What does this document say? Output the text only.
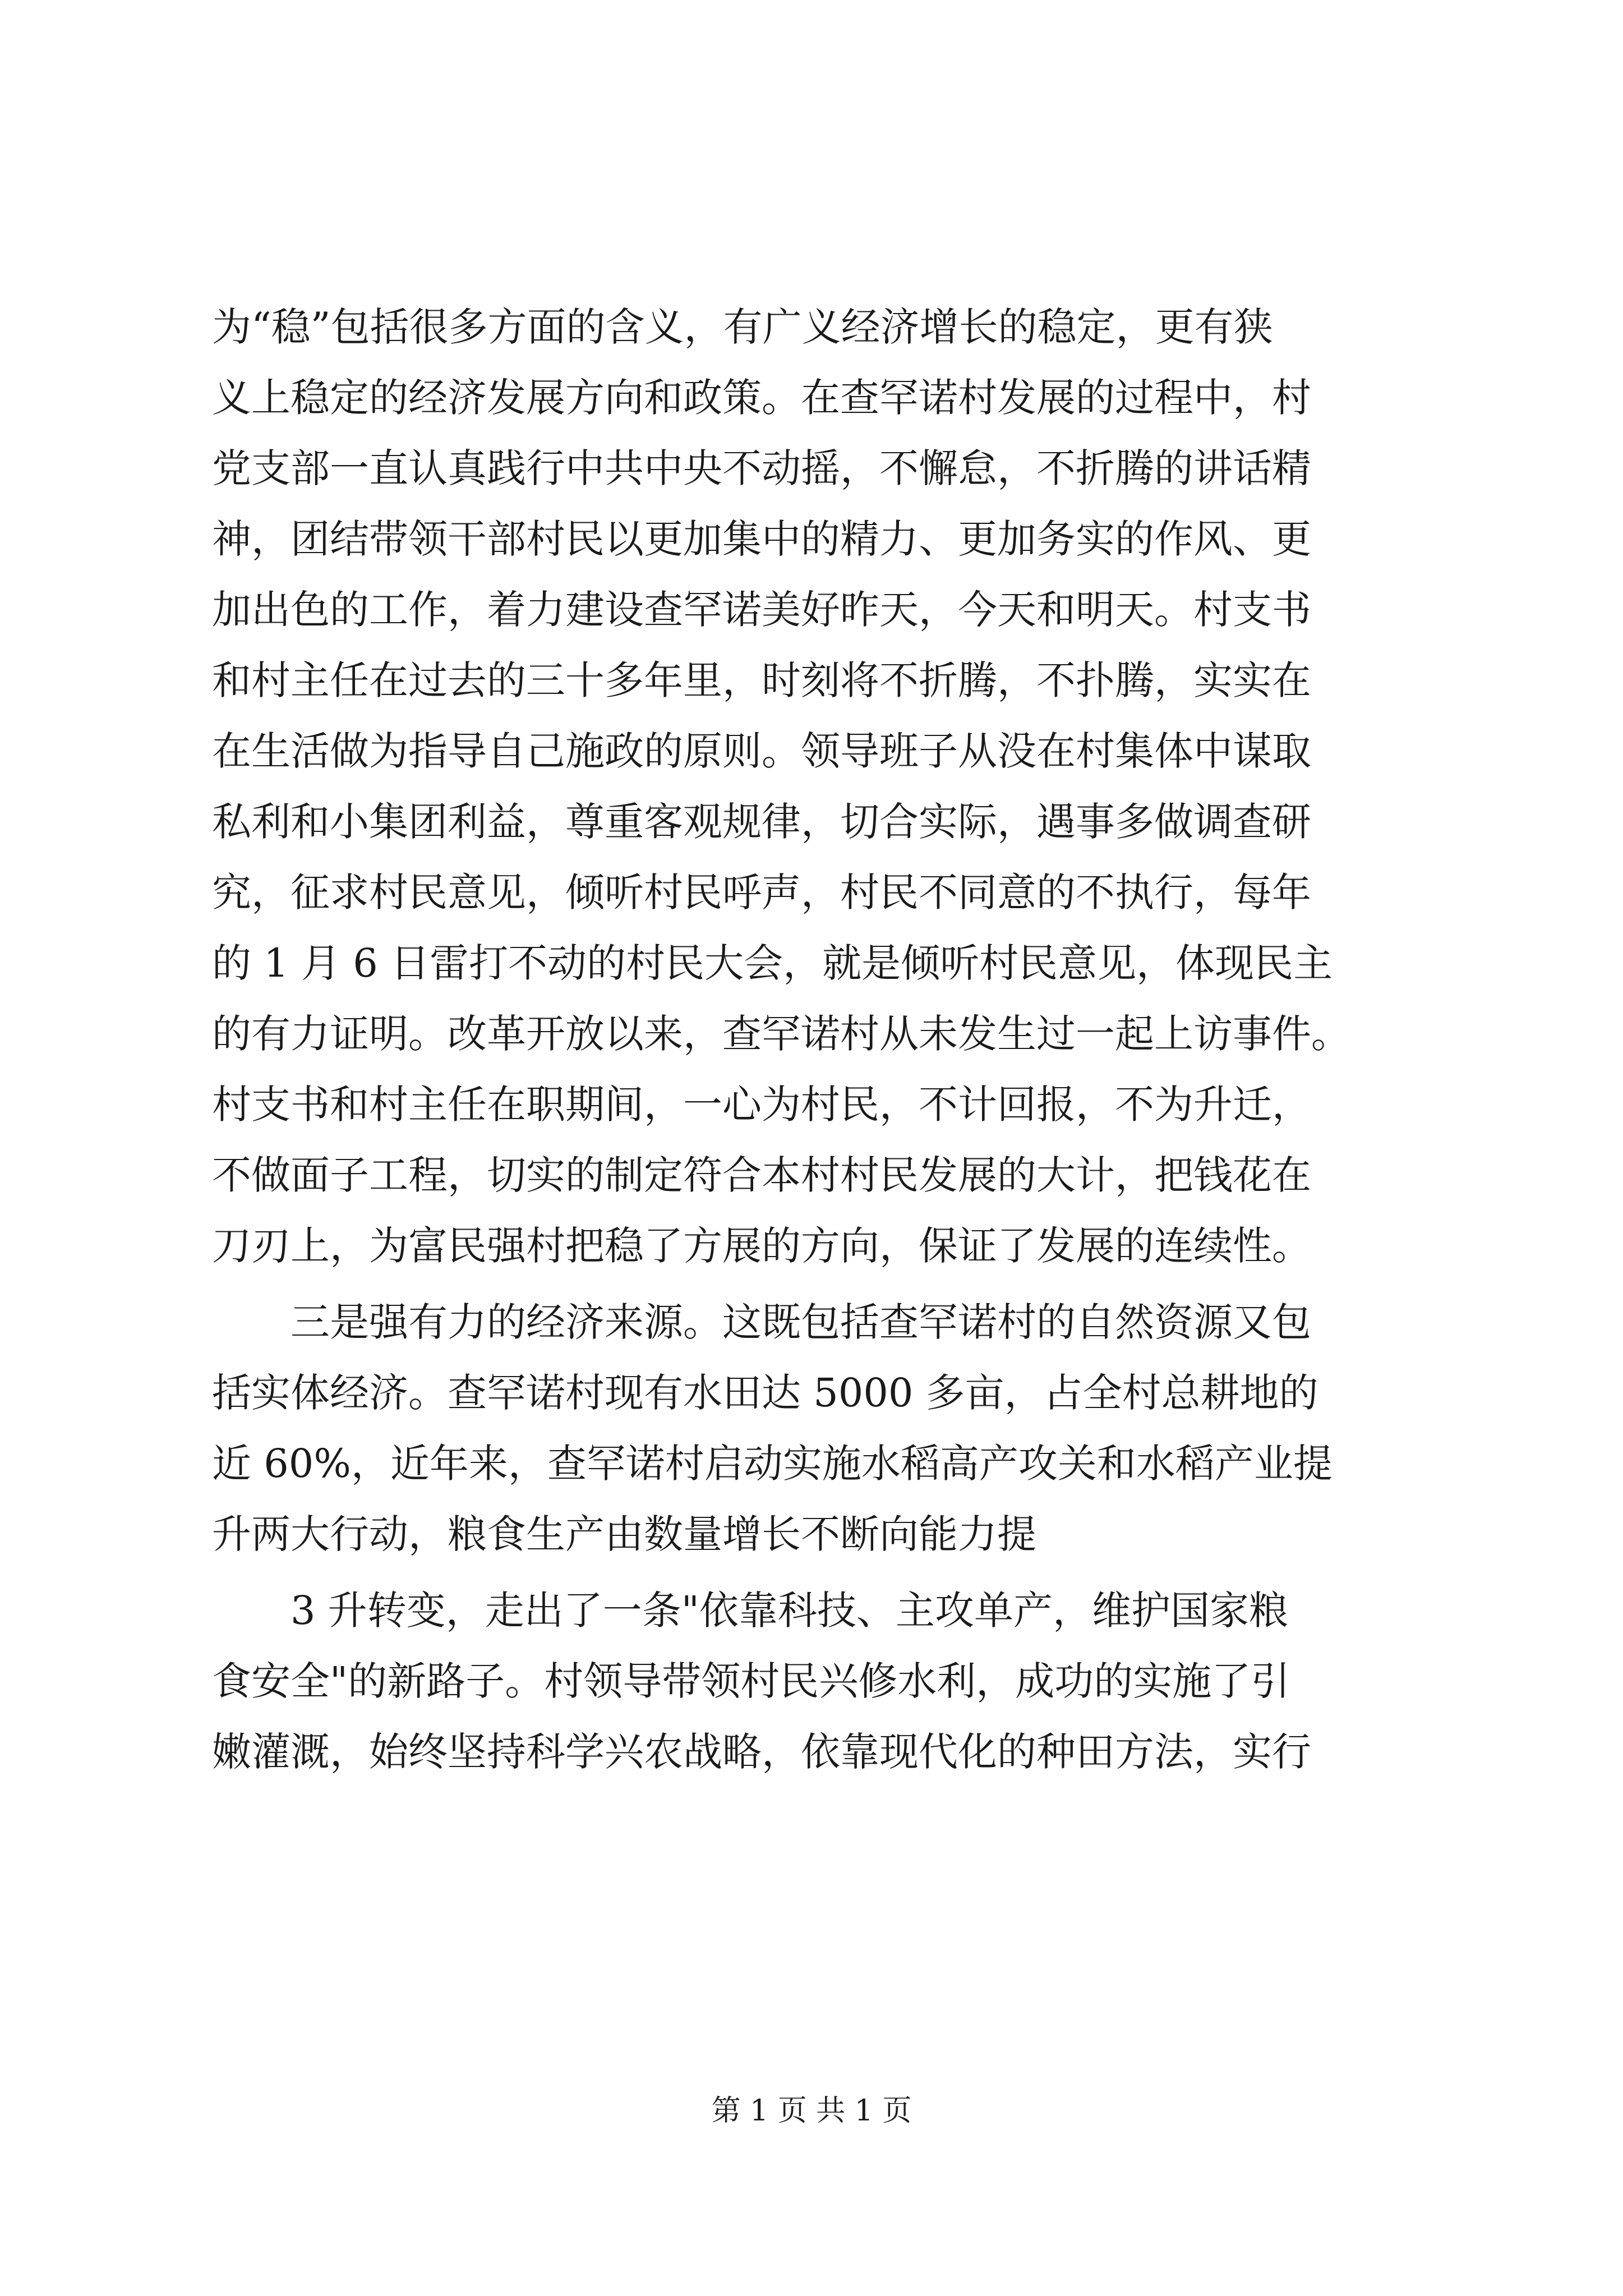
为“稳”包括很多方面的含义，有广义经济增长的稳定，更有狭
义上稳定的经济发展方向和政策。在查罕诺村发展的过程中，村
党支部一直认真践行中共中央不动摇，不懈怠，不折腾的讲话精
神，团结带领干部村民以更加集中的精力、更加务实的作风、更
加出色的工作，着力建设查罕诺美好昨天，今天和明天。村支书
和村主任在过去的三十多年里，时刻将不折腾，不扑腾，实实在
在生活做为指导自己施政的原则。领导班子从没在村集体中谋取
私利和小集团利益，尊重客观规律，切合实际，遇事多做调查研
究，征求村民意见，倾听村民呼声，村民不同意的不执行，每年
的 1 月 6 日雷打不动的村民大会，就是倾听村民意见，体现民主
的有力证明。改革开放以来，查罕诺村从未发生过一起上访事件。
村支书和村主任在职期间，一心为村民，不计回报，不为升迁，
不做面子工程，切实的制定符合本村村民发展的大计，把钱花在
刀刃上，为富民强村把稳了方展的方向，保证了发展的连续性。
三是强有力的经济来源。这既包括查罕诺村的自然资源又包
括实体经济。查罕诺村现有水田达 5000 多亩，占全村总耕地的
近 60%，近年来，查罕诺村启动实施水稻高产攻关和水稻产业提
升两大行动，粮食生产由数量增长不断向能力提
3 升转变，走出了一条"依靠科技、主攻单产，维护国家粮
食安全"的新路子。村领导带领村民兴修水利，成功的实施了引
嫩灌溉，始终坚持科学兴农战略，依靠现代化的种田方法，实行
第 1 页 共 1 页
